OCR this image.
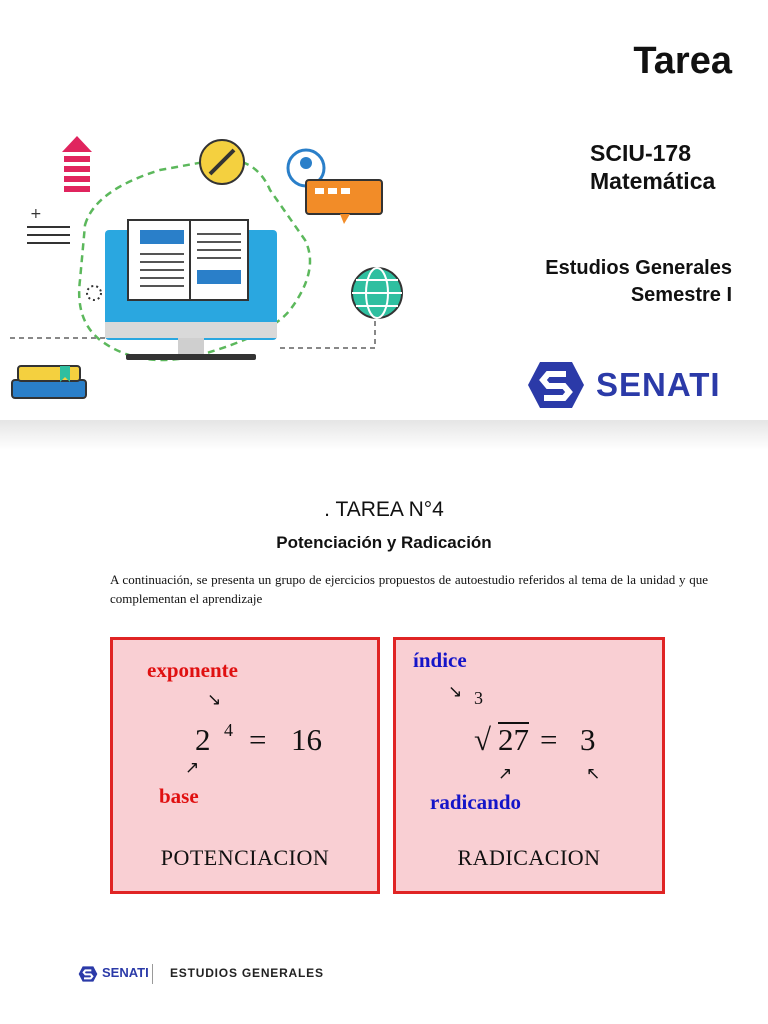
+
Tarea
SCIU-178
Matemática
Estudios Generales
Semestre I
SENATI
. TAREA N°4
Potenciación y Radicación

A continuación, se presenta un grupo de ejercicios propuestos de autoestudio referidos al tema de la unidad y que complementan el aprendizaje

exponente
↘
2 4 = 16
↗
base
POTENCIACION
índice
↘ 3
√ 27 = 3
↗	↖
radicando
RADICACION
SENATI ESTUDIOS GENERALES
